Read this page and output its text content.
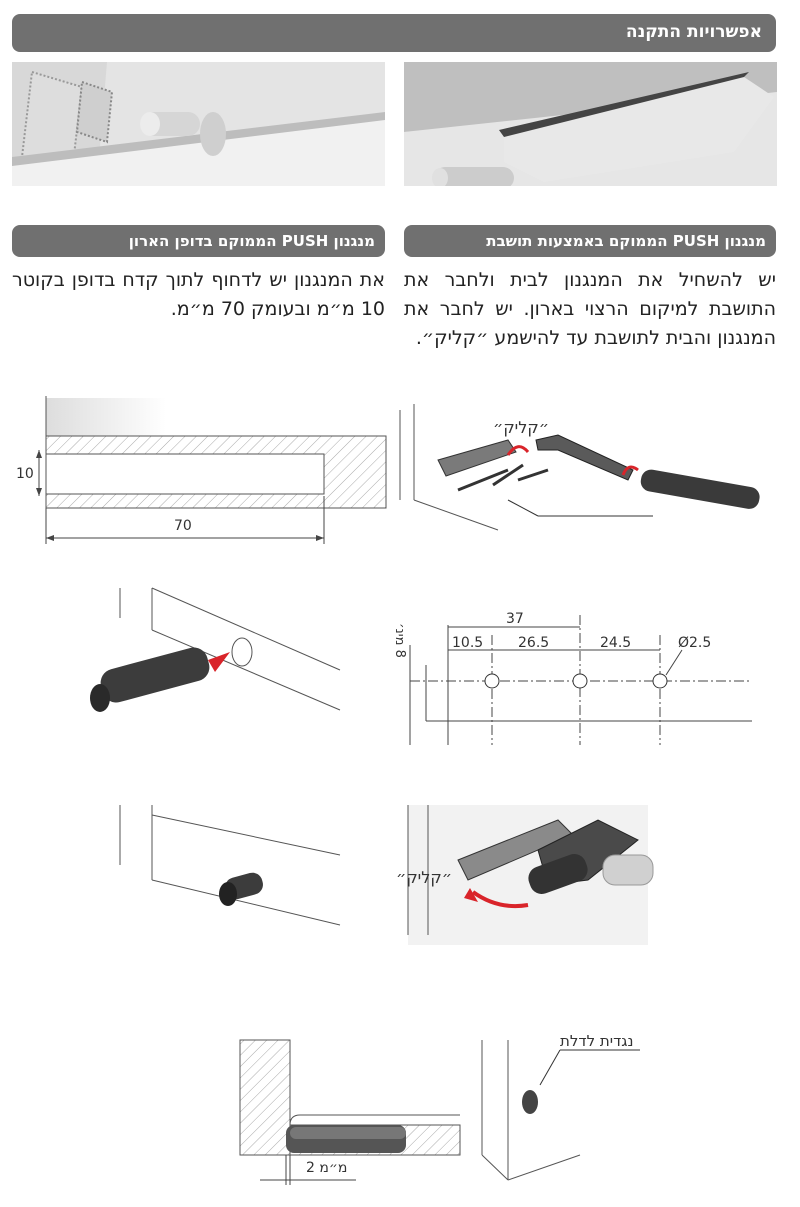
אפשרויות התקנה
מנגנון PUSH הממוקם בדופן הארון	מנגנון PUSH הממוקם באמצעות תושבת
את המנגנון יש לדחוף לתוך קדח בדופן בקוטר 10 מ״מ ובעומק 70 מ״מ.
יש להשחיל את המנגנון לבית ולחבר את התושבת למיקום הרצוי בארון. יש לחבר את המנגנון והבית לתושבת עד להישמע ״קליק״.
70
10
״קליק״
37
10.5 26.5	24.5	Ø2.5
8 מינ׳
״קליק״
2 מ״מ
נגדית לדלת
